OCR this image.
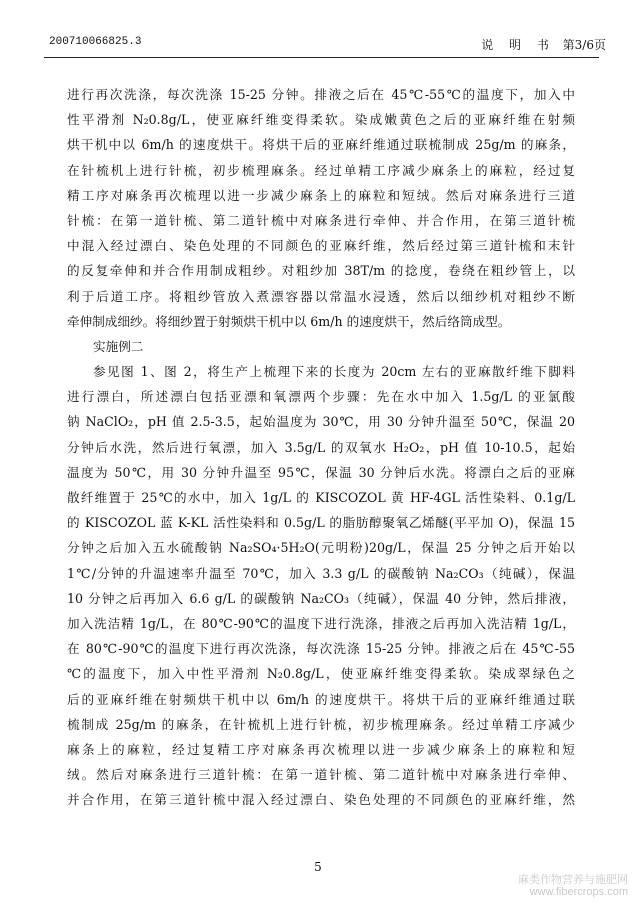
200710066825.3	说 明 书 第3/6页
进行再次洗涤，每次洗涤 15-25 分钟。排液之后在 45℃-55℃的温度下，加入中
性平滑剂 N₂0.8g/L，使亚麻纤维变得柔软。染成嫩黄色之后的亚麻纤维在射频
烘干机中以 6m/h 的速度烘干。将烘干后的亚麻纤维通过联梳制成 25g/m 的麻条，
在针梳机上进行针梳，初步梳理麻条。经过单精工序减少麻条上的麻粒，经过复
精工序对麻条再次梳理以进一步减少麻条上的麻粒和短绒。然后对麻条进行三道
针梳：在第一道针梳、第二道针梳中对麻条进行牵伸、并合作用，在第三道针梳
中混入经过漂白、染色处理的不同颜色的亚麻纤维，然后经过第三道针梳和末针
的反复牵伸和并合作用制成粗纱。对粗纱加 38T/m 的捻度，卷绕在粗纱管上，以
利于后道工序。将粗纱管放入煮漂容器以常温水浸透，然后以细纱机对粗纱不断
牵伸制成细纱。将细纱置于射频烘干机中以 6m/h 的速度烘干，然后络筒成型。
实施例二
参见图 1、图 2，将生产上梳理下来的长度为 20cm 左右的亚麻散纤维下脚料
进行漂白，所述漂白包括亚漂和氧漂两个步骤：先在水中加入 1.5g/L 的亚氯酸
钠 NaClO₂，pH 值 2.5-3.5，起始温度为 30℃，用 30 分钟升温至 50℃，保温 20
分钟后水洗，然后进行氧漂，加入 3.5g/L 的双氧水 H₂O₂，pH 值 10-10.5，起始
温度为 50℃，用 30 分钟升温至 95℃，保温 30 分钟后水洗。将漂白之后的亚麻
散纤维置于 25℃的水中，加入 1g/L 的 KISCOZOL 黄 HF-4GL 活性染料、0.1g/L
的 KISCOZOL 蓝 K-KL 活性染料和 0.5g/L 的脂肪醇聚氧乙烯醚(平平加 O)，保温 15
分钟之后加入五水硫酸钠 Na₂SO₄·5H₂O(元明粉)20g/L，保温 25 分钟之后开始以
1℃/分钟的升温速率升温至 70℃，加入 3.3 g/L 的碳酸钠 Na₂CO₃（纯碱），保温
10 分钟之后再加入 6.6 g/L 的碳酸钠 Na₂CO₃（纯碱），保温 40 分钟，然后排液，
加入洗洁精 1g/L，在 80℃-90℃的温度下进行洗涤，排液之后再加入洗洁精 1g/L，
在 80℃-90℃的温度下进行再次洗涤，每次洗涤 15-25 分钟。排液之后在 45℃-55
℃的温度下，加入中性平滑剂 N₂0.8g/L，使亚麻纤维变得柔软。染成翠绿色之
后的亚麻纤维在射频烘干机中以 6m/h 的速度烘干。将烘干后的亚麻纤维通过联
梳制成 25g/m 的麻条，在针梳机上进行针梳，初步梳理麻条。经过单精工序减少
麻条上的麻粒，经过复精工序对麻条再次梳理以进一步减少麻条上的麻粒和短
绒。然后对麻条进行三道针梳：在第一道针梳、第二道针梳中对麻条进行牵伸、
并合作用，在第三道针梳中混入经过漂白、染色处理的不同颜色的亚麻纤维，然
5
麻类作物营养与施肥网
www.fibercrops.com
